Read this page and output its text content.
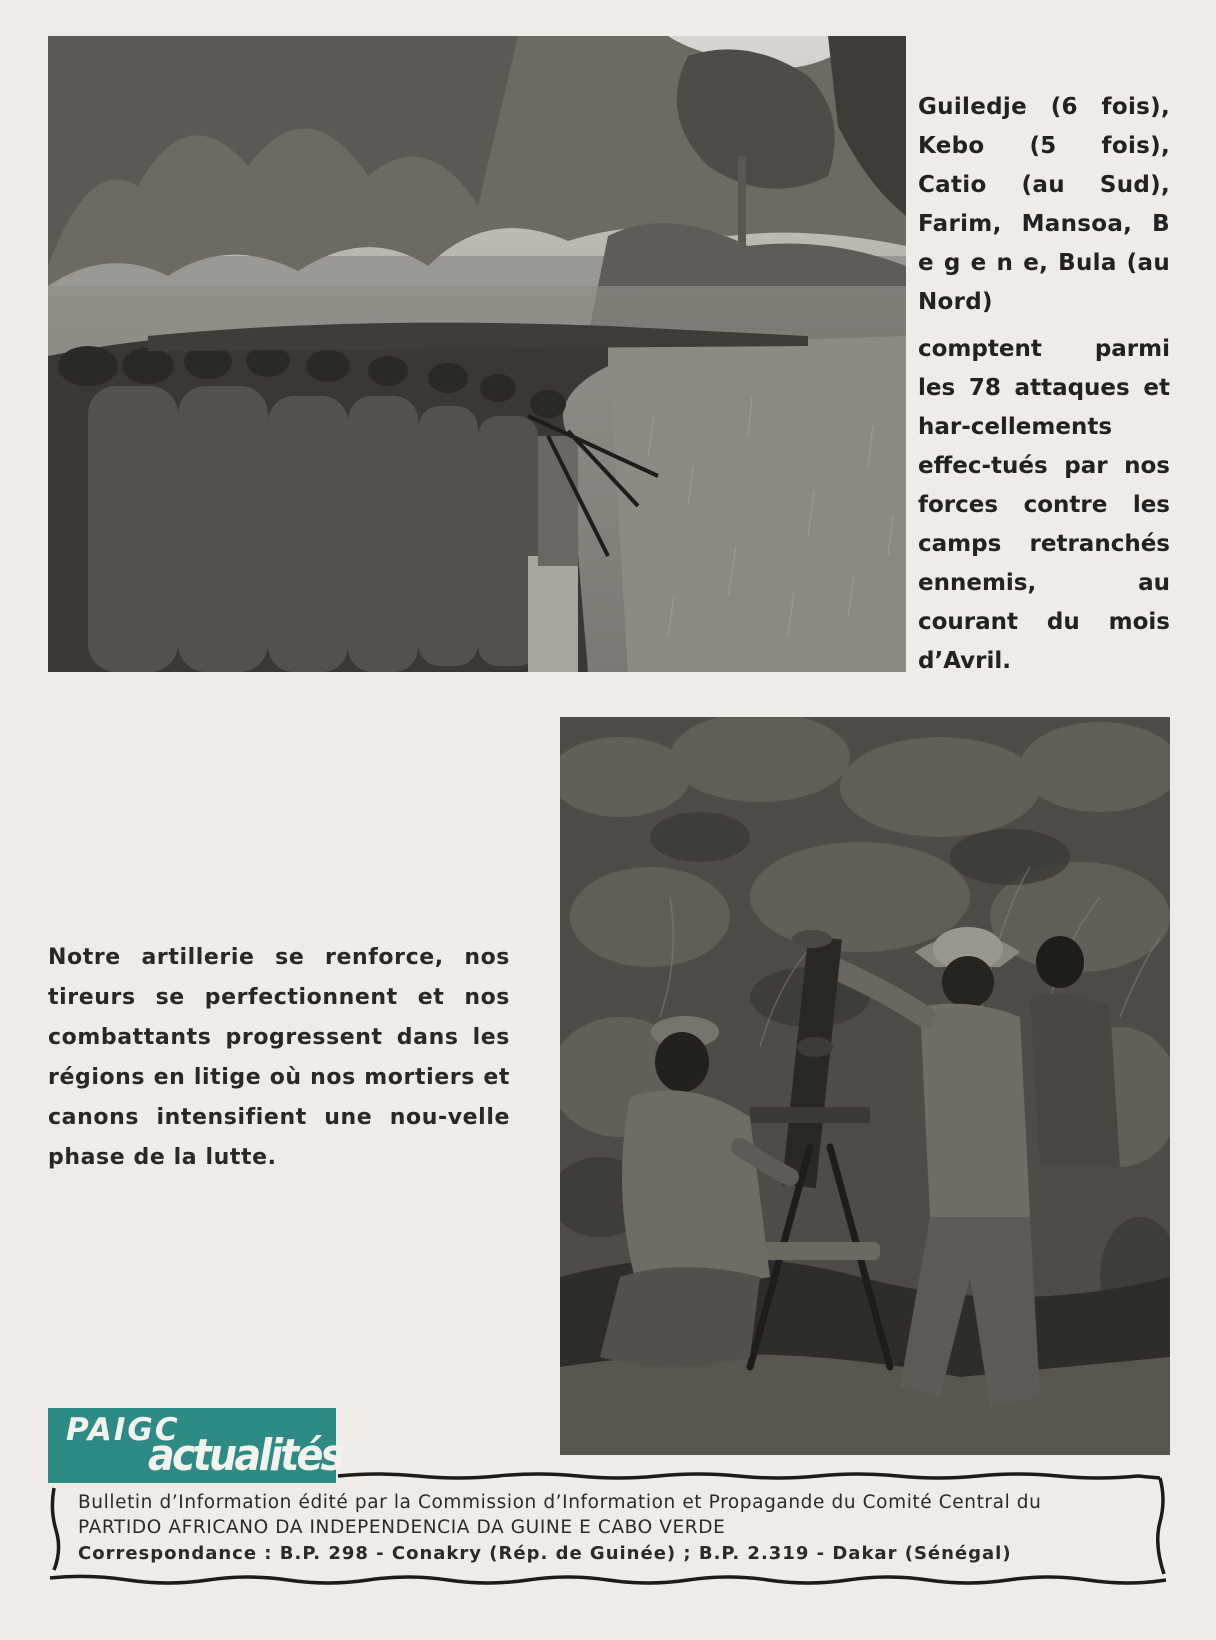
Guiledje (6 fois), Kebo (5 fois), Catio (au Sud), Farim, Mansoa, B e g e n e, Bula (au Nord)

comptent parmi les 78 attaques et har-cellements effec-tués par nos forces contre les camps retranchés ennemis, au courant du mois d’Avril.

Notre artillerie se renforce, nos tireurs se perfectionnent et nos combattants progressent dans les régions en litige où nos mortiers et canons intensifient une nou-velle phase de la lutte.
PAIGC
actualités
Bulletin d’Information édité par la Commission d’Information et Propagande du Comité Central du
PARTIDO AFRICANO DA INDEPENDENCIA DA GUINE E CABO VERDE
Correspondance : B.P. 298 - Conakry (Rép. de Guinée) ; B.P. 2.319 - Dakar (Sénégal)
